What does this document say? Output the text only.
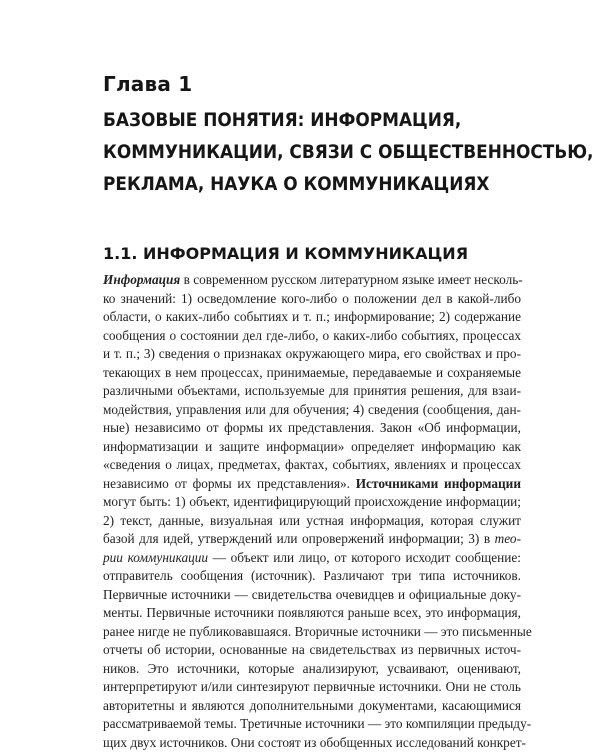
Глава 1
БАЗОВЫЕ ПОНЯТИЯ: ИНФОРМАЦИЯ,
КОММУНИКАЦИИ, СВЯЗИ С ОБЩЕСТВЕННОСТЬЮ,
РЕКЛАМА, НАУКА О КОММУНИКАЦИЯХ
1.1. ИНФОРМАЦИЯ И КОММУНИКАЦИЯ
Информация в современном русском литературном языке имеет несколь-
ко значений: 1) осведомление кого-либо о положении дел в какой-либо
области, о каких-либо событиях и т. п.; информирование; 2) содержание
сообщения о состоянии дел где-либо, о каких-либо событиях, процессах
и т. п.; 3) сведения о признаках окружающего мира, его свойствах и про-
текающих в нем процессах, принимаемые, передаваемые и сохраняемые
различными объектами, используемые для принятия решения, для взаи-
модействия, управления или для обучения; 4) сведения (сообщения, дан-
ные) независимо от формы их представления. Закон «Об информации,
информатизации и защите информации» определяет информацию как
«сведения о лицах, предметах, фактах, событиях, явлениях и процессах
независимо от формы их представления». Источниками информации
могут быть: 1) объект, идентифицирующий происхождение информации;
2) текст, данные, визуальная или устная информация, которая служит
базой для идей, утверждений или опровержений информации; 3) в тео-
рии коммуникации — объект или лицо, от которого исходит сообщение:
отправитель сообщения (источник). Различают три типа источников.
Первичные источники — свидетельства очевидцев и официальные доку-
менты. Первичные источники появляются раньше всех, это информация,
ранее нигде не публиковавшаяся. Вторичные источники — это письменные
отчеты об истории, основанные на свидетельствах из первичных источ-
ников. Это источники, которые анализируют, усваивают, оценивают,
интерпретируют и/или синтезируют первичные источники. Они не столь
авторитетны и являются дополнительными документами, касающимися
рассматриваемой темы. Третичные источники — это компиляции предыду-
щих двух источников. Они состоят из обобщенных исследований конкрет-
